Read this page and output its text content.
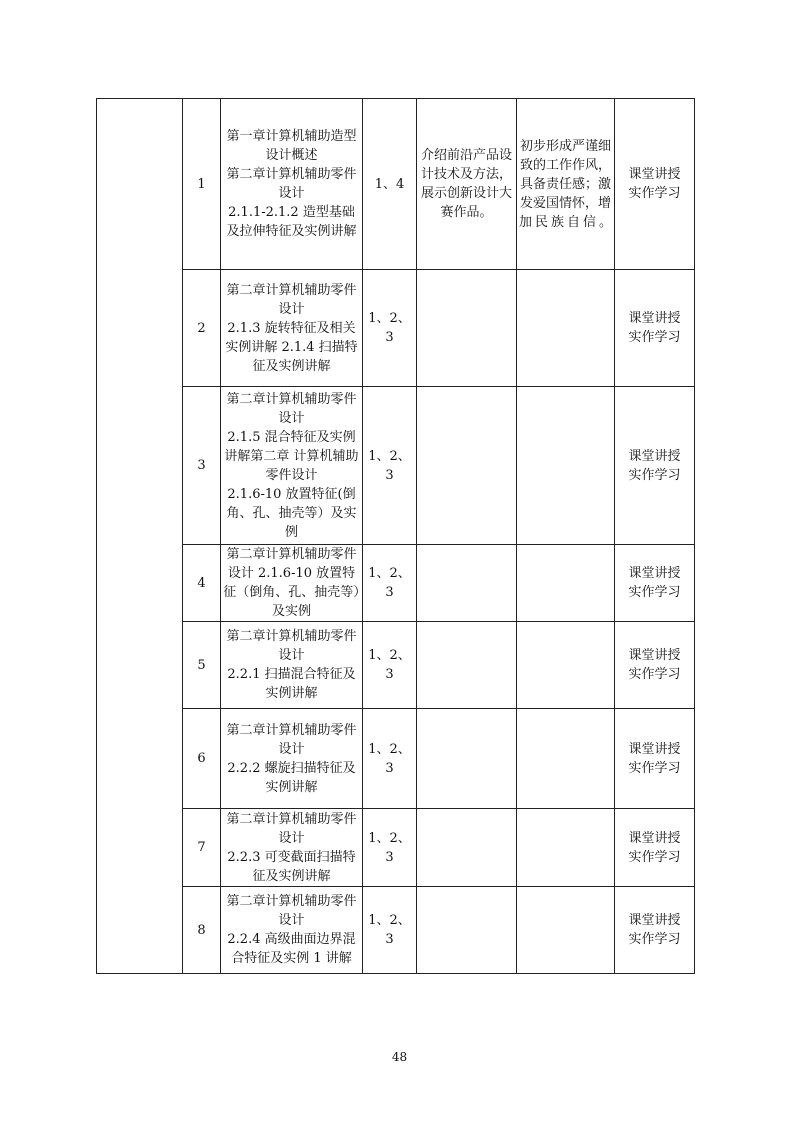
	1	第一章计算机辅助造型设计概述
第二章计算机辅助零件设计
2.1.1-2.1.2 造型基础及拉伸特征及实例讲解	1、4	介绍前沿产品设计技术及方法，展示创新设计大赛作品。	初步形成严谨细致的工作作风，具备责任感；激发爱国情怀，增加民族自信。	课堂讲授
实作学习
	2	第二章计算机辅助零件设计
2.1.3 旋转特征及相关实例讲解 2.1.4 扫描特征及实例讲解	1、2、3			课堂讲授
实作学习
	3	第二章计算机辅助零件设计
2.1.5 混合特征及实例讲解第二章 计算机辅助零件设计
2.1.6-10 放置特征(倒角、孔、抽壳等）及实例	1、2、3			课堂讲授
实作学习
	4	第二章计算机辅助零件设计 2.1.6-10 放置特征（倒角、孔、抽壳等）及实例	1、2、3			课堂讲授
实作学习
	5	第二章计算机辅助零件设计
2.2.1 扫描混合特征及实例讲解	1、2、3			课堂讲授
实作学习
	6	第二章计算机辅助零件设计
2.2.2 螺旋扫描特征及实例讲解	1、2、3			课堂讲授
实作学习
	7	第二章计算机辅助零件设计
2.2.3 可变截面扫描特征及实例讲解	1、2、3			课堂讲授
实作学习
	8	第二章计算机辅助零件设计
2.2.4 高级曲面边界混合特征及实例 1 讲解	1、2、3			课堂讲授
实作学习
48
